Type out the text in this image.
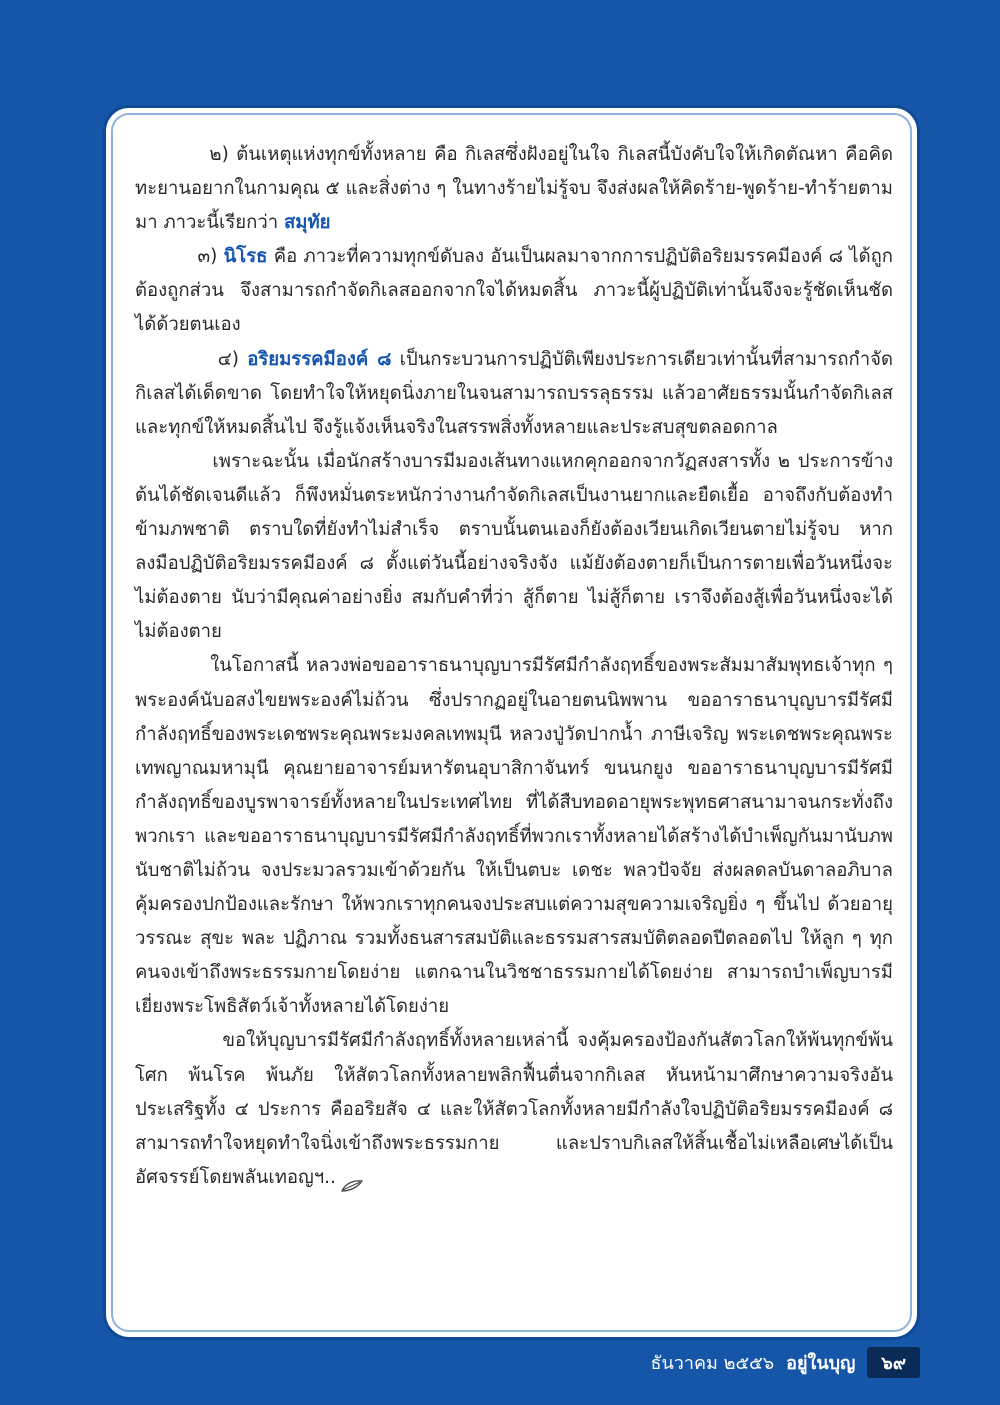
๒) ต้นเหตุแห่งทุกข์ทั้งหลาย คือ กิเลสซึ่งฝังอยู่ในใจ กิเลสนี้บังคับใจให้เกิดตัณหา คือคิดทะยานอยากในกามคุณ ๕ และสิ่งต่าง ๆ ในทางร้ายไม่รู้จบ จึงส่งผลให้คิดร้าย-พูดร้าย-ทำร้ายตามมา ภาวะนี้เรียกว่า สมุทัย

๓) นิโรธ คือ ภาวะที่ความทุกข์ดับลง อันเป็นผลมาจากการปฏิบัติอริยมรรคมีองค์ ๘ ได้ถูกต้องถูกส่วน จึงสามารถกำจัดกิเลสออกจากใจได้หมดสิ้น ภาวะนี้ผู้ปฏิบัติเท่านั้นจึงจะรู้ชัดเห็นชัดได้ด้วยตนเอง

๔) อริยมรรคมีองค์ ๘ เป็นกระบวนการปฏิบัติเพียงประการเดียวเท่านั้นที่สามารถกำจัดกิเลสได้เด็ดขาด โดยทำใจให้หยุดนิ่งภายในจนสามารถบรรลุธรรม แล้วอาศัยธรรมนั้นกำจัดกิเลสและทุกข์ให้หมดสิ้นไป จึงรู้แจ้งเห็นจริงในสรรพสิ่งทั้งหลายและประสบสุขตลอดกาล

เพราะฉะนั้น เมื่อนักสร้างบารมีมองเส้นทางแหกคุกออกจากวัฏสงสารทั้ง ๒ ประการข้างต้นได้ชัดเจนดีแล้ว ก็พึงหมั่นตระหนักว่างานกำจัดกิเลสเป็นงานยากและยืดเยื้อ อาจถึงกับต้องทำข้ามภพชาติ ตราบใดที่ยังทำไม่สำเร็จ ตราบนั้นตนเองก็ยังต้องเวียนเกิดเวียนตายไม่รู้จบ หากลงมือปฏิบัติอริยมรรคมีองค์ ๘ ตั้งแต่วันนี้อย่างจริงจัง แม้ยังต้องตายก็เป็นการตายเพื่อวันหนึ่งจะไม่ต้องตาย นับว่ามีคุณค่าอย่างยิ่ง สมกับคำที่ว่า สู้ก็ตาย ไม่สู้ก็ตาย เราจึงต้องสู้เพื่อวันหนึ่งจะได้ไม่ต้องตาย

ในโอกาสนี้ หลวงพ่อขออาราธนาบุญบารมีรัศมีกำลังฤทธิ์ของพระสัมมาสัมพุทธเจ้าทุก ๆ พระองค์นับอสงไขยพระองค์ไม่ถ้วน ซึ่งปรากฏอยู่ในอายตนนิพพาน ขออาราธนาบุญบารมีรัศมีกำลังฤทธิ์ของพระเดชพระคุณพระมงคลเทพมุนี หลวงปู่วัดปากน้ำ ภาษีเจริญ พระเดชพระคุณพระเทพญาณมหามุนี คุณยายอาจารย์มหารัตนอุบาสิกาจันทร์ ขนนกยูง ขออาราธนาบุญบารมีรัศมีกำลังฤทธิ์ของบูรพาจารย์ทั้งหลายในประเทศไทย ที่ได้สืบทอดอายุพระพุทธศาสนามาจนกระทั่งถึงพวกเรา และขออาราธนาบุญบารมีรัศมีกำลังฤทธิ์ที่พวกเราทั้งหลายได้สร้างได้บำเพ็ญกันมานับภพนับชาติไม่ถ้วน จงประมวลรวมเข้าด้วยกัน ให้เป็นตบะ เดชะ พลวปัจจัย ส่งผลดลบันดาลอภิบาลคุ้มครองปกป้องและรักษา ให้พวกเราทุกคนจงประสบแต่ความสุขความเจริญยิ่ง ๆ ขึ้นไป ด้วยอายุ วรรณะ สุขะ พละ ปฏิภาณ รวมทั้งธนสารสมบัติและธรรมสารสมบัติตลอดปีตลอดไป ให้ลูก ๆ ทุกคนจงเข้าถึงพระธรรมกายโดยง่าย แตกฉานในวิชชาธรรมกายได้โดยง่าย สามารถบำเพ็ญบารมีเยี่ยงพระโพธิสัตว์เจ้าทั้งหลายได้โดยง่าย

ขอให้บุญบารมีรัศมีกำลังฤทธิ์ทั้งหลายเหล่านี้ จงคุ้มครองป้องกันสัตวโลกให้พ้นทุกข์พ้นโศก พ้นโรค พ้นภัย ให้สัตวโลกทั้งหลายพลิกฟื้นตื่นจากกิเลส หันหน้ามาศึกษาความจริงอันประเสริฐทั้ง ๔ ประการ คืออริยสัจ ๔ และให้สัตวโลกทั้งหลายมีกำลังใจปฏิบัติอริยมรรคมีองค์ ๘ สามารถทำใจหยุดทำใจนิ่งเข้าถึงพระธรรมกาย และปราบกิเลสให้สิ้นเชื้อไม่เหลือเศษได้เป็นอัศจรรย์โดยพลันเทอญฯ..

ธันวาคม ๒๕๕๖ อยู่ในบุญ	๖๙
